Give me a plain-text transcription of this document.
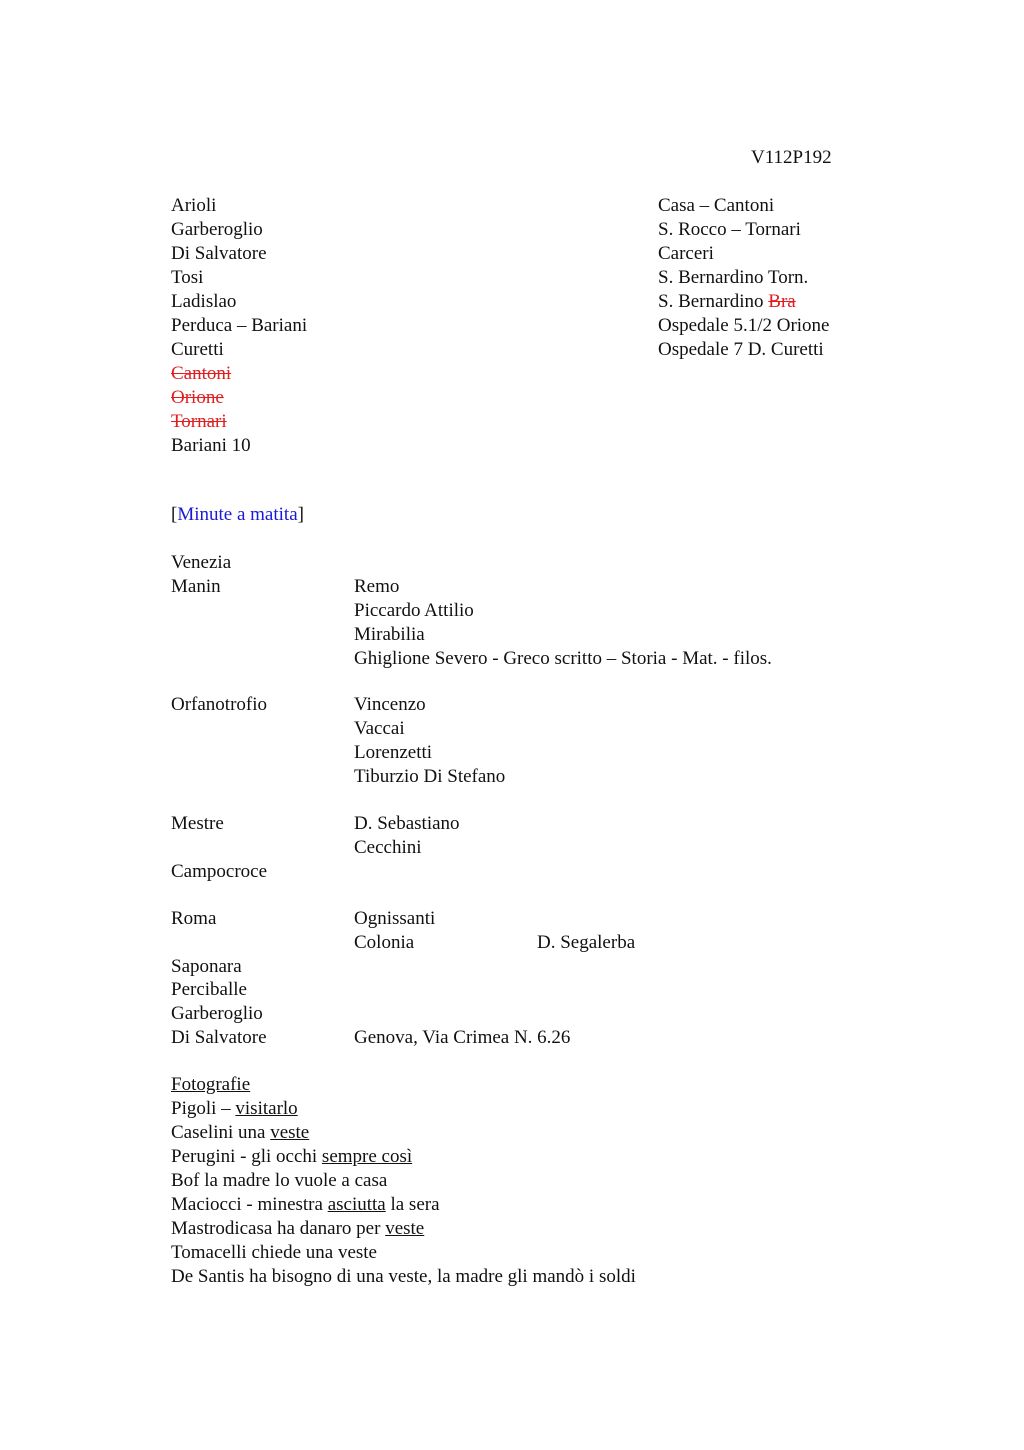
V112P192
Arioli
Garberoglio
Di Salvatore
Tosi
Ladislao
Perduca – Bariani
Curetti
Cantoni
Orione
Tornari
Bariani 10
Casa – Cantoni
S. Rocco – Tornari
Carceri
S. Bernardino Torn.
S. Bernardino Bra
Ospedale 5.1/2 Orione
Ospedale 7 D. Curetti
[Minute a matita]
Venezia
Manin
Orfanotrofio
Mestre
Campocroce
Roma
Saponara
Perciballe
Garberoglio
Di Salvatore
Remo
Piccardo Attilio
Mirabilia
Ghiglione Severo - Greco scritto – Storia - Mat. - filos.
Vincenzo
Vaccai
Lorenzetti
Tiburzio Di Stefano
D. Sebastiano
Cecchini
Ognissanti
Colonia	D. Segalerba
Genova, Via Crimea N. 6.26
Fotografie
Pigoli – visitarlo
Caselini una veste
Perugini - gli occhi sempre così
Bof la madre lo vuole a casa
Maciocci - minestra asciutta la sera
Mastrodicasa ha danaro per veste
Tomacelli chiede una veste
De Santis ha bisogno di una veste, la madre gli mandò i soldi
